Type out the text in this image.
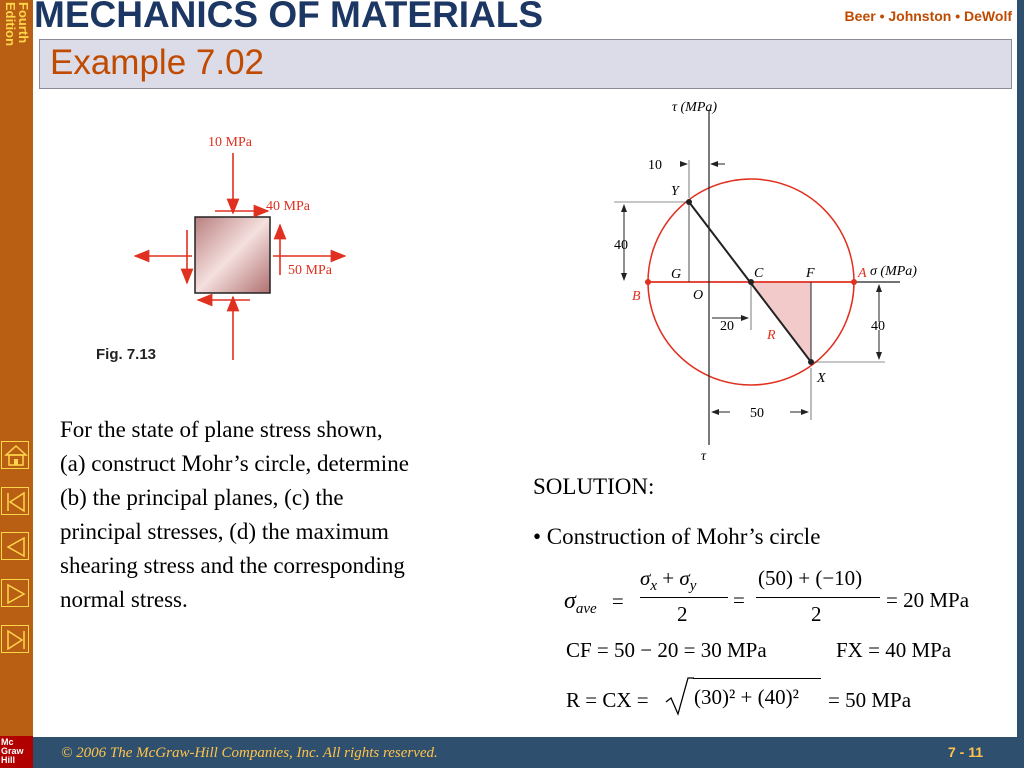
Fourth
Edition
Mc
Graw
Hill
MECHANICS OF MATERIALS	Beer • Johnston • DeWolf
Example 7.02
10 MPa
40 MPa
50 MPa
Fig. 7.13
10
40
20	40
50
τ (MPa)
σ (MPa)
τ
Y
G	C	F	A
B	O
R
X
For the state of plane stress shown,
(a) construct Mohr’s circle, determine
(b) the principal planes, (c) the
principal stresses, (d) the maximum
shearing stress and the corresponding
normal stress.
SOLUTION:
• Construction of Mohr’s circle
$\sigma_{ave}$ =
$\sigma_x + \sigma_y$
2
=
(50) + (−10)
2
= 20 MPa
CF = 50 − 20 = 30 MPa	FX = 40 MPa
R = CX = (30)² + (40)² = 50 MPa
© 2006 The McGraw-Hill Companies, Inc. All rights reserved.	7 - 11
